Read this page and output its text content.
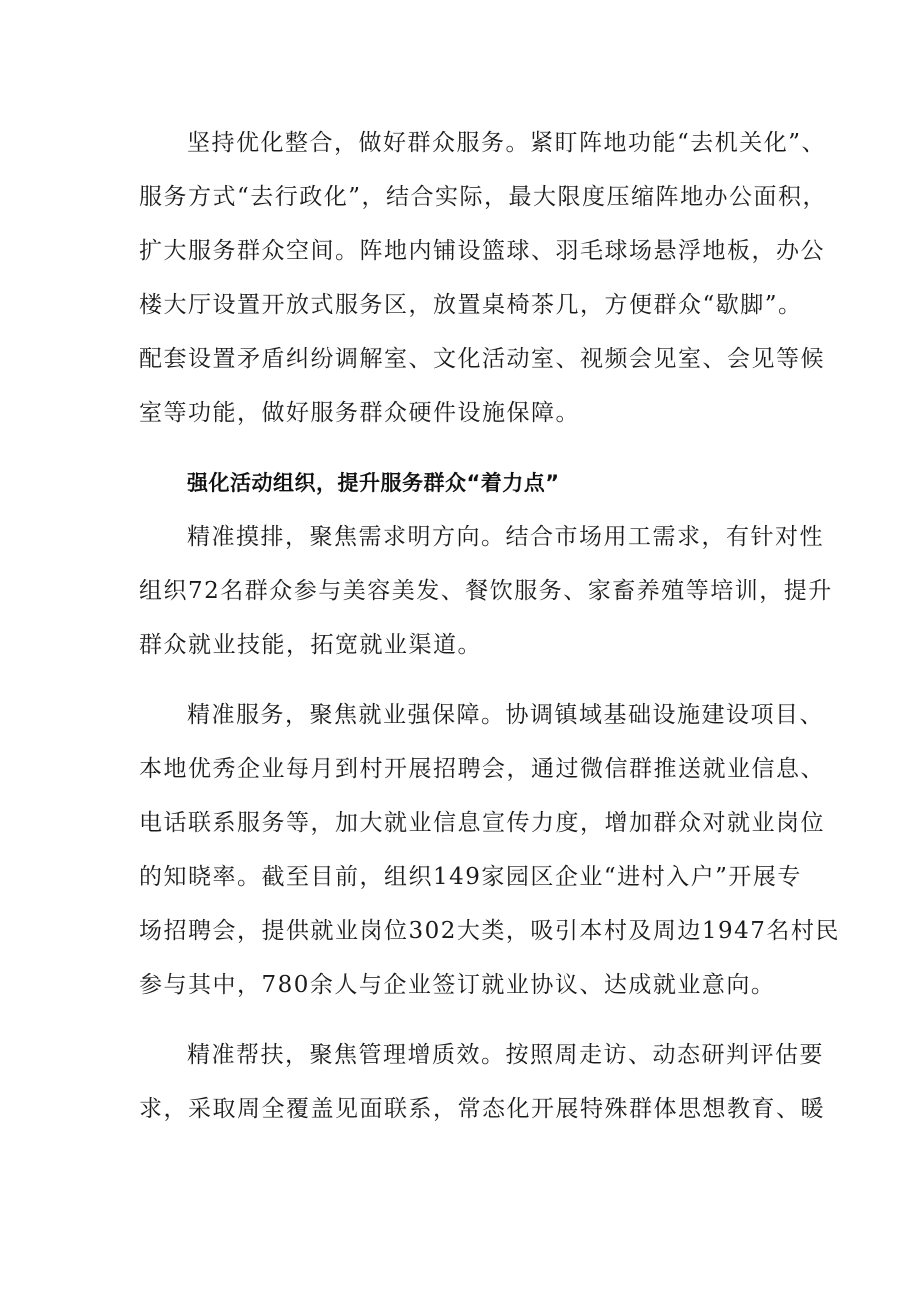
坚持优化整合，做好群众服务。紧盯阵地功能“去机关化”、
服务方式“去行政化”，结合实际，最大限度压缩阵地办公面积，
扩大服务群众空间。阵地内铺设篮球、羽毛球场悬浮地板，办公
楼大厅设置开放式服务区，放置桌椅茶几，方便群众“歇脚”。
配套设置矛盾纠纷调解室、文化活动室、视频会见室、会见等候
室等功能，做好服务群众硬件设施保障。

强化活动组织，提升服务群众“着力点”

精准摸排，聚焦需求明方向。结合市场用工需求，有针对性
组织72名群众参与美容美发、餐饮服务、家畜养殖等培训，提升
群众就业技能，拓宽就业渠道。

精准服务，聚焦就业强保障。协调镇域基础设施建设项目、
本地优秀企业每月到村开展招聘会，通过微信群推送就业信息、
电话联系服务等，加大就业信息宣传力度，增加群众对就业岗位
的知晓率。截至目前，组织149家园区企业“进村入户”开展专
场招聘会，提供就业岗位302大类，吸引本村及周边1947名村民
参与其中，780余人与企业签订就业协议、达成就业意向。

精准帮扶，聚焦管理增质效。按照周走访、动态研判评估要
求，采取周全覆盖见面联系，常态化开展特殊群体思想教育、暖
